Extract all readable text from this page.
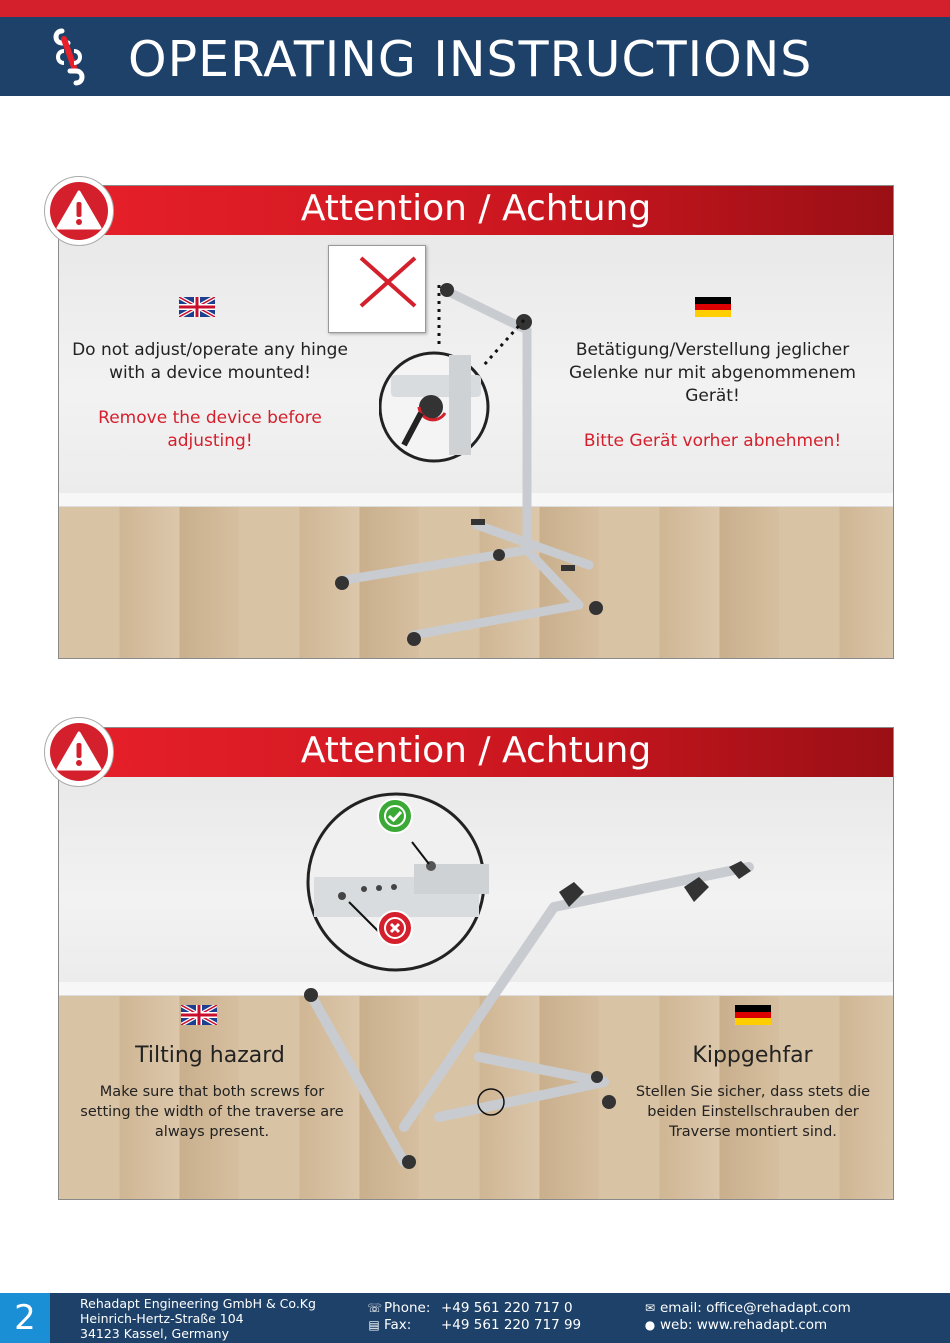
OPERATING INSTRUCTIONS
Attention / Achtung
Do not adjust/operate any hinge with a device mounted!
Remove the device before adjusting!
Betätigung/Verstellung jeglicher Gelenke nur mit abgenommenem Gerät!
Bitte Gerät vorher abnehmen!
Attention / Achtung
Tilting hazard
Make sure that both screws for setting the width of the traverse are always present.
Kippgehfar
Stellen Sie sicher, dass stets die beiden Einstellschrauben der Traverse montiert sind.
2	Rehadapt Engineering GmbH & Co.Kg
Heinrich-Hertz-Straße 104
34123 Kassel, Germany
☏ Phone: +49 561 220 717 0
▤ Fax: +49 561 220 717 99
✉ email: office@rehadapt.com
● web: www.rehadapt.com
